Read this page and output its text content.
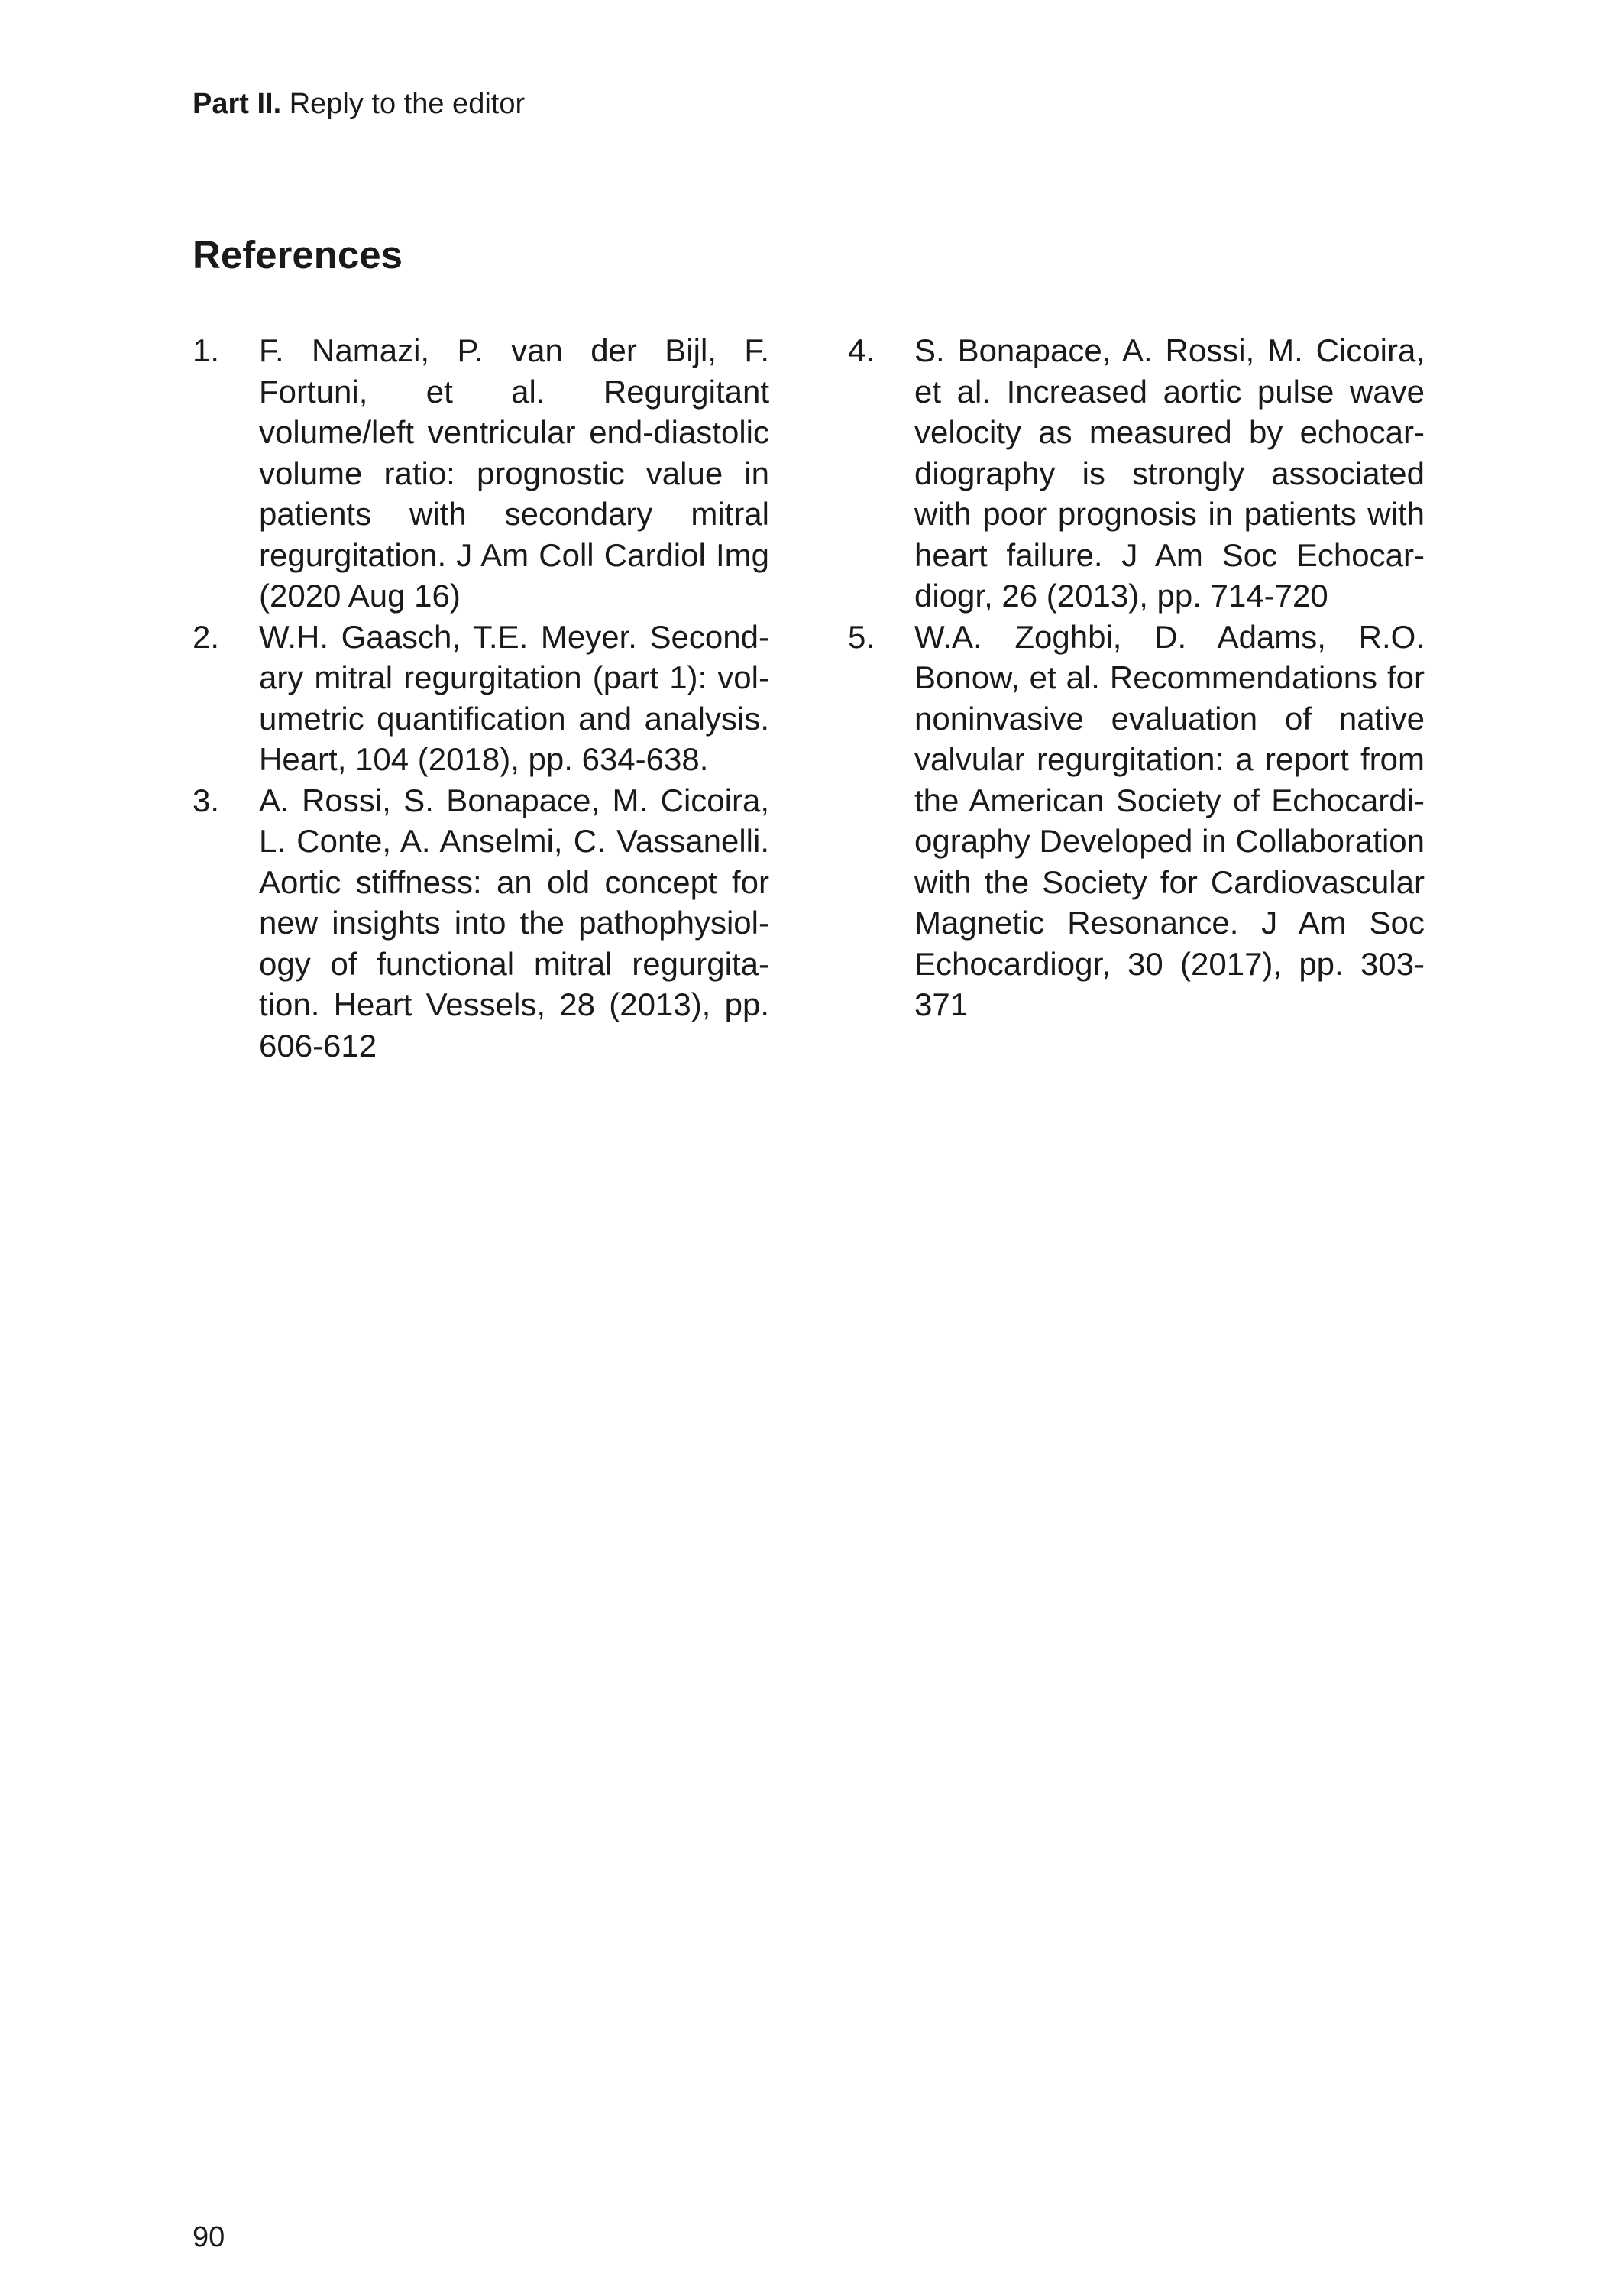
Part II. Reply to the editor
References
1.	F. Namazi, P. van der Bijl, F. Fortuni, et al. Regurgitant volume/left ventricular end-diastolic volume ratio: prognostic value in patients with secondary mitral regurgitation. J Am Coll Cardiol Img (2020 Aug 16)
2.	W.H. Gaasch, T.E. Meyer. Secondary mitral regurgitation (part 1): volumetric quantification and analysis. Heart, 104 (2018), pp. 634-638.
3.	A. Rossi, S. Bonapace, M. Cicoira, L. Conte, A. Anselmi, C. Vassanelli. Aortic stiffness: an old concept for new insights into the pathophysiology of functional mitral regurgitation. Heart Vessels, 28 (2013), pp. 606-612
4.	S. Bonapace, A. Rossi, M. Cicoira, et al. Increased aortic pulse wave velocity as measured by echocardiography is strongly associated with poor prognosis in patients with heart failure. J Am Soc Echocardiogr, 26 (2013), pp. 714-720
5.	W.A. Zoghbi, D. Adams, R.O. Bonow, et al. Recommendations for noninvasive evaluation of native valvular regurgitation: a report from the American Society of Echocardiography Developed in Collaboration with the Society for Cardiovascular Magnetic Resonance. J Am Soc Echocardiogr, 30 (2017), pp. 303-371
90
